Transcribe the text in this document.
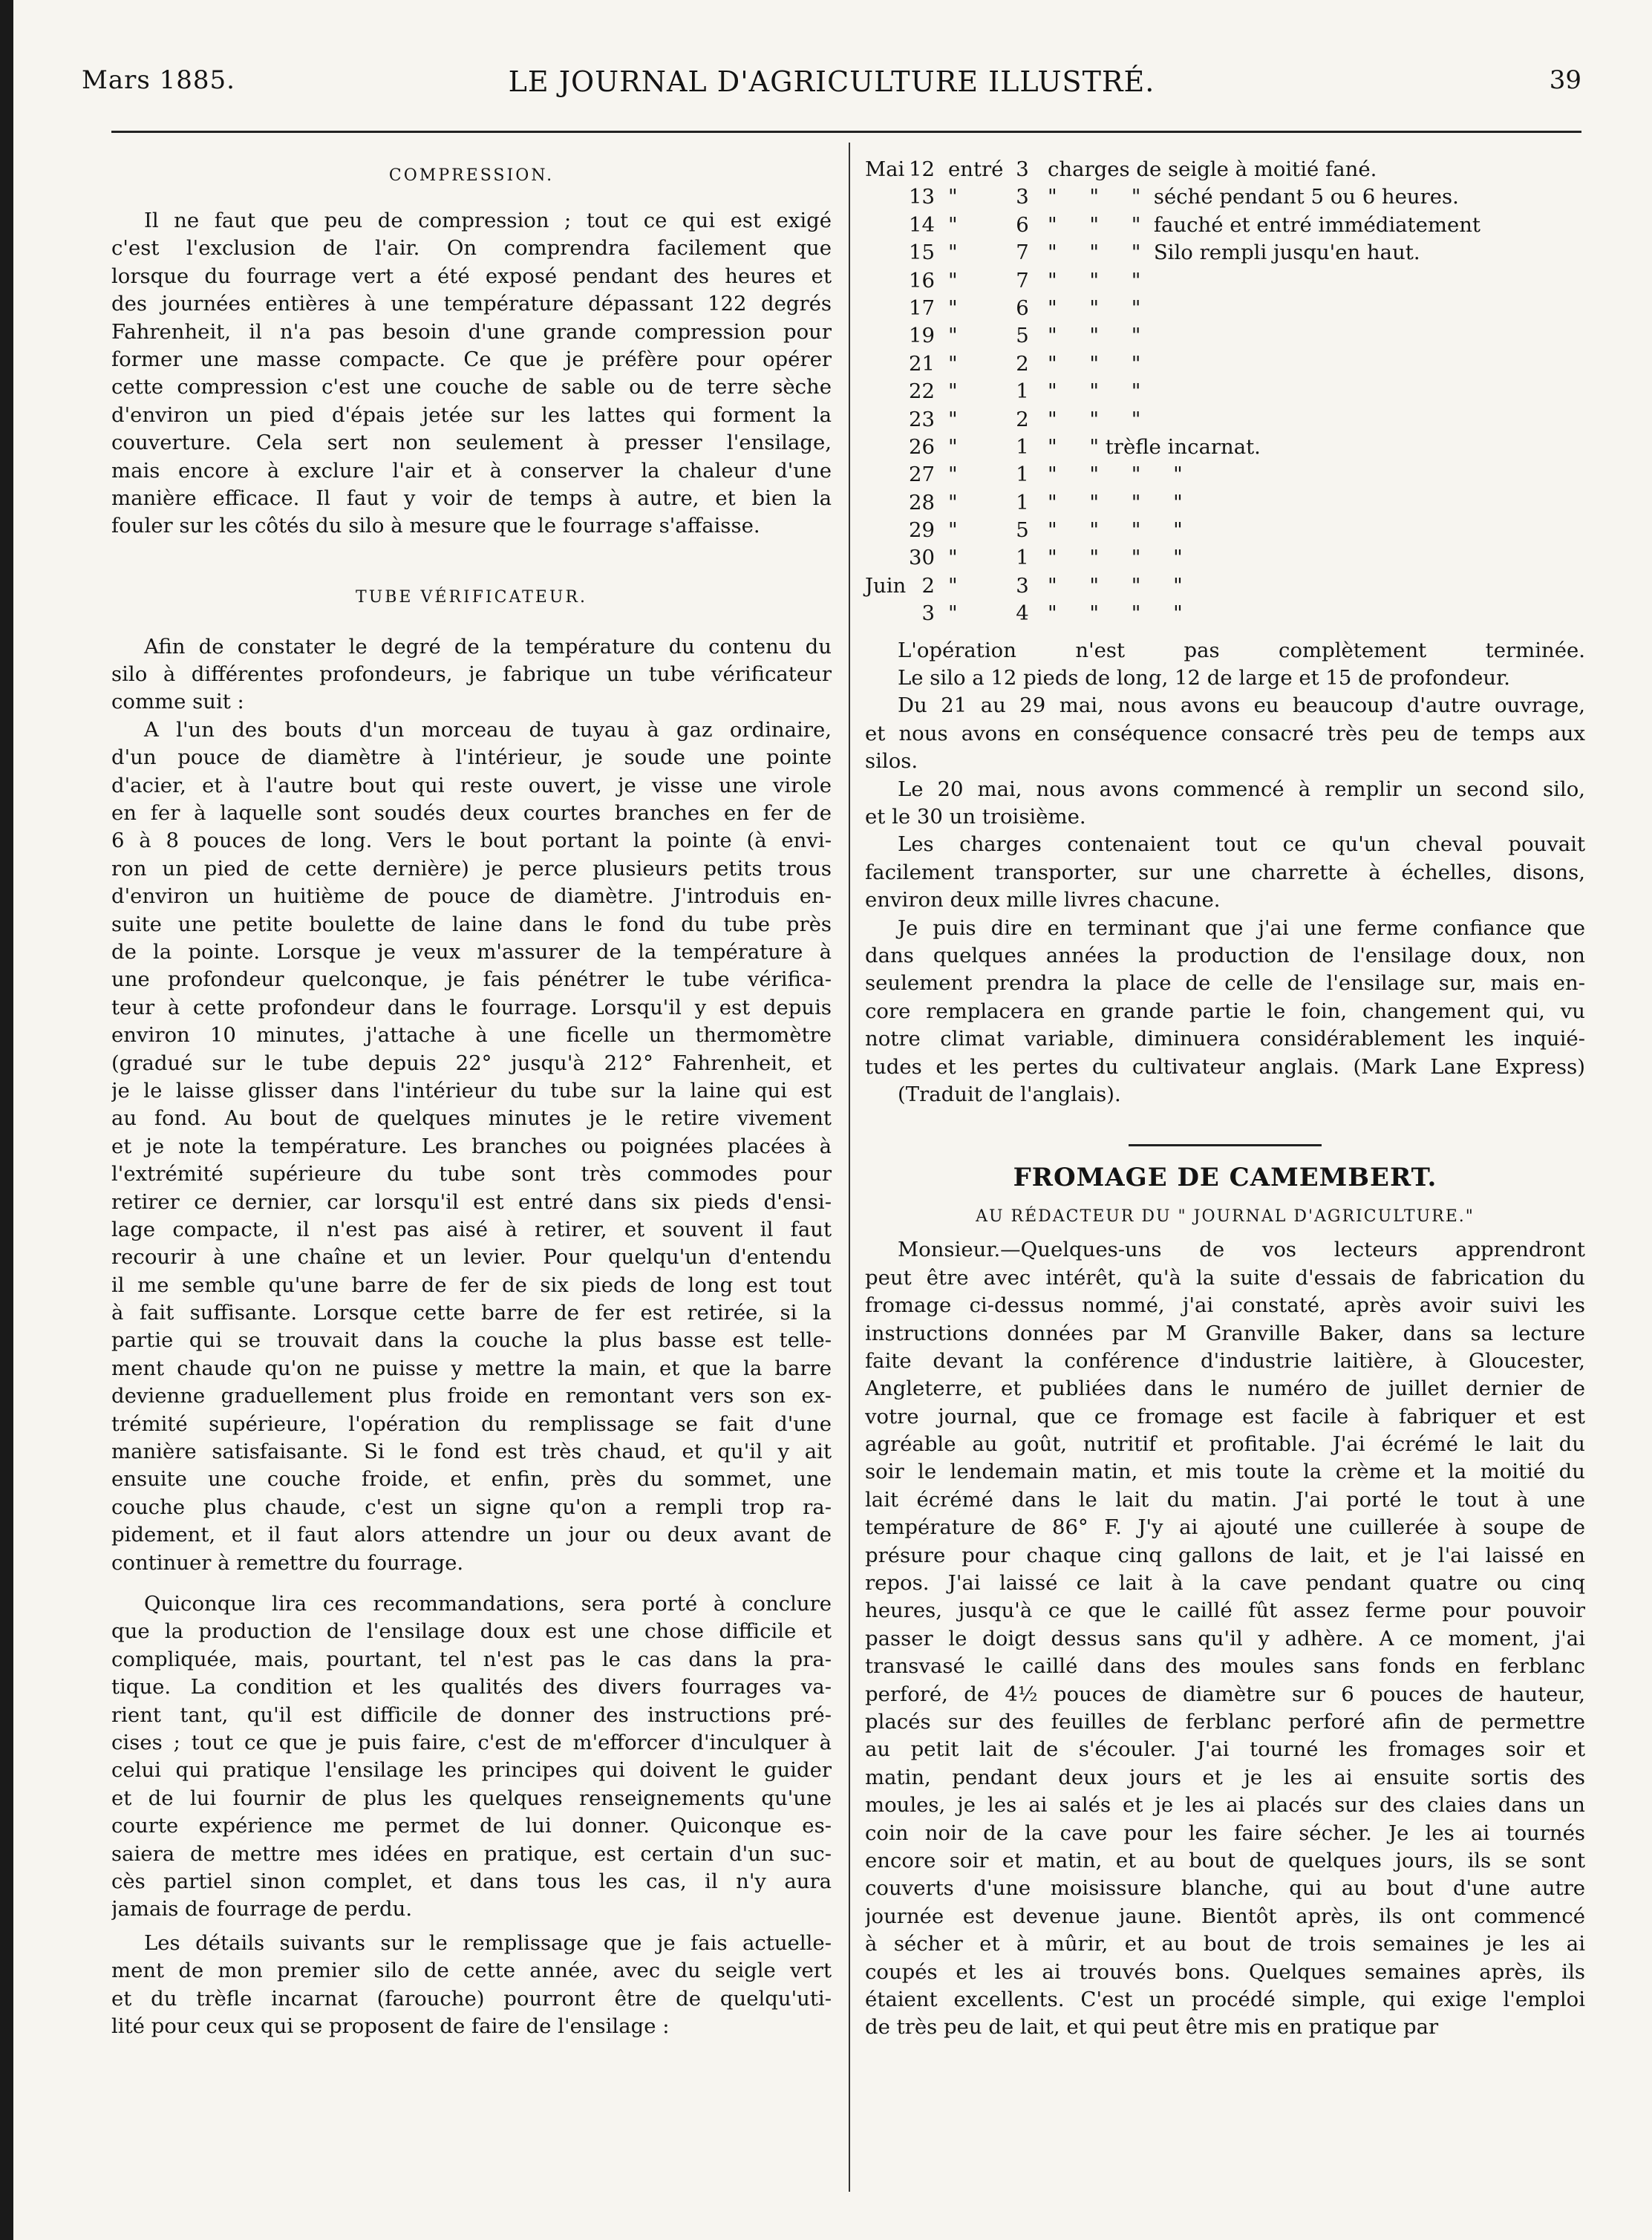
Mars 1885.	LE JOURNAL D'AGRICULTURE ILLUSTRÉ.	39

COMPRESSION.

Il ne faut que peu de compression ; tout ce qui est exigé
c'est l'exclusion de l'air. On comprendra facilement que
lorsque du fourrage vert a été exposé pendant des heures et
des journées entières à une température dépassant 122 degrés
Fahrenheit, il n'a pas besoin d'une grande compression pour
former une masse compacte. Ce que je préfère pour opérer
cette compression c'est une couche de sable ou de terre sèche
d'environ un pied d'épais jetée sur les lattes qui forment la
couverture. Cela sert non seulement à presser l'ensilage,
mais encore à exclure l'air et à conserver la chaleur d'une
manière efficace. Il faut y voir de temps à autre, et bien la
fouler sur les côtés du silo à mesure que le fourrage s'affaisse.

TUBE VÉRIFICATEUR.

Afin de constater le degré de la température du contenu du
silo à différentes profondeurs, je fabrique un tube vérificateur
comme suit :
A l'un des bouts d'un morceau de tuyau à gaz ordinaire,
d'un pouce de diamètre à l'intérieur, je soude une pointe
d'acier, et à l'autre bout qui reste ouvert, je visse une virole
en fer à laquelle sont soudés deux courtes branches en fer de
6 à 8 pouces de long. Vers le bout portant la pointe (à envi-
ron un pied de cette dernière) je perce plusieurs petits trous
d'environ un huitième de pouce de diamètre. J'introduis en-
suite une petite boulette de laine dans le fond du tube près
de la pointe. Lorsque je veux m'assurer de la température à
une profondeur quelconque, je fais pénétrer le tube vérifica-
teur à cette profondeur dans le fourrage. Lorsqu'il y est depuis
environ 10 minutes, j'attache à une ficelle un thermomètre
(gradué sur le tube depuis 22° jusqu'à 212° Fahrenheit, et
je le laisse glisser dans l'intérieur du tube sur la laine qui est
au fond. Au bout de quelques minutes je le retire vivement
et je note la température. Les branches ou poignées placées à
l'extrémité supérieure du tube sont très commodes pour
retirer ce dernier, car lorsqu'il est entré dans six pieds d'ensi-
lage compacte, il n'est pas aisé à retirer, et souvent il faut
recourir à une chaîne et un levier. Pour quelqu'un d'entendu
il me semble qu'une barre de fer de six pieds de long est tout
à fait suffisante. Lorsque cette barre de fer est retirée, si la
partie qui se trouvait dans la couche la plus basse est telle-
ment chaude qu'on ne puisse y mettre la main, et que la barre
devienne graduellement plus froide en remontant vers son ex-
trémité supérieure, l'opération du remplissage se fait d'une
manière satisfaisante. Si le fond est très chaud, et qu'il y ait
ensuite une couche froide, et enfin, près du sommet, une
couche plus chaude, c'est un signe qu'on a rempli trop ra-
pidement, et il faut alors attendre un jour ou deux avant de
continuer à remettre du fourrage.
Quiconque lira ces recommandations, sera porté à conclure
que la production de l'ensilage doux est une chose difficile et
compliquée, mais, pourtant, tel n'est pas le cas dans la pra-
tique. La condition et les qualités des divers fourrages va-
rient tant, qu'il est difficile de donner des instructions pré-
cises ; tout ce que je puis faire, c'est de m'efforcer d'inculquer à
celui qui pratique l'ensilage les principes qui doivent le guider
et de lui fournir de plus les quelques renseignements qu'une
courte expérience me permet de lui donner. Quiconque es-
saiera de mettre mes idées en pratique, est certain d'un suc-
cès partiel sinon complet, et dans tous les cas, il n'y aura
jamais de fourrage de perdu.
Les détails suivants sur le remplissage que je fais actuelle-
ment de mon premier silo de cette année, avec du seigle vert
et du trèfle incarnat (farouche) pourront être de quelqu'uti-
lité pour ceux qui se proposent de faire de l'ensilage :
Mai 12 entré 3 charges de seigle à moitié fané.
13 "	3 "     "     "  séché pendant 5 ou 6 heures.
14 "	6 "     "     "  fauché et entré immédiatement
15 "	7 "     "     "  Silo rempli jusqu'en haut.
16 "	7 "     "     "
17 "	6 "     "     "
19 "	5 "     "     "
21 "	2 "     "     "
22 "	1 "     "     "
23 "	2 "     "     "
26 "	1 "     " trèfle incarnat.
27 "	1 "     "     "     "
28 "	1 "     "     "     "
29 "	5 "     "     "     "
30 "	1 "     "     "     "
Juin 2 "	3 "     "     "     "
3 "	4 "     "     "     "
L'opération n'est pas complètement terminée.
Le silo a 12 pieds de long, 12 de large et 15 de profondeur.
Du 21 au 29 mai, nous avons eu beaucoup d'autre ouvrage,
et nous avons en conséquence consacré très peu de temps aux
silos.
Le 20 mai, nous avons commencé à remplir un second silo,
et le 30 un troisième.
Les charges contenaient tout ce qu'un cheval pouvait
facilement transporter, sur une charrette à échelles, disons,
environ deux mille livres chacune.
Je puis dire en terminant que j'ai une ferme confiance que
dans quelques années la production de l'ensilage doux, non
seulement prendra la place de celle de l'ensilage sur, mais en-
core remplacera en grande partie le foin, changement qui, vu
notre climat variable, diminuera considérablement les inquié-
tudes et les pertes du cultivateur anglais. (Mark Lane Express)
(Traduit de l'anglais).

FROMAGE DE CAMEMBERT.

AU RÉDACTEUR DU " JOURNAL D'AGRICULTURE."

Monsieur.—Quelques-uns de vos lecteurs apprendront
peut être avec intérêt, qu'à la suite d'essais de fabrication du
fromage ci-dessus nommé, j'ai constaté, après avoir suivi les
instructions données par M Granville Baker, dans sa lecture
faite devant la conférence d'industrie laitière, à Gloucester,
Angleterre, et publiées dans le numéro de juillet dernier de
votre journal, que ce fromage est facile à fabriquer et est
agréable au goût, nutritif et profitable. J'ai écrémé le lait du
soir le lendemain matin, et mis toute la crème et la moitié du
lait écrémé dans le lait du matin. J'ai porté le tout à une
température de 86° F. J'y ai ajouté une cuillerée à soupe de
présure pour chaque cinq gallons de lait, et je l'ai laissé en
repos. J'ai laissé ce lait à la cave pendant quatre ou cinq
heures, jusqu'à ce que le caillé fût assez ferme pour pouvoir
passer le doigt dessus sans qu'il y adhère. A ce moment, j'ai
transvasé le caillé dans des moules sans fonds en ferblanc
perforé, de 4½ pouces de diamètre sur 6 pouces de hauteur,
placés sur des feuilles de ferblanc perforé afin de permettre
au petit lait de s'écouler. J'ai tourné les fromages soir et
matin, pendant deux jours et je les ai ensuite sortis des
moules, je les ai salés et je les ai placés sur des claies dans un
coin noir de la cave pour les faire sécher. Je les ai tournés
encore soir et matin, et au bout de quelques jours, ils se sont
couverts d'une moisissure blanche, qui au bout d'une autre
journée est devenue jaune. Bientôt après, ils ont commencé
à sécher et à mûrir, et au bout de trois semaines je les ai
coupés et les ai trouvés bons. Quelques semaines après, ils
étaient excellents. C'est un procédé simple, qui exige l'emploi
de très peu de lait, et qui peut être mis en pratique par
